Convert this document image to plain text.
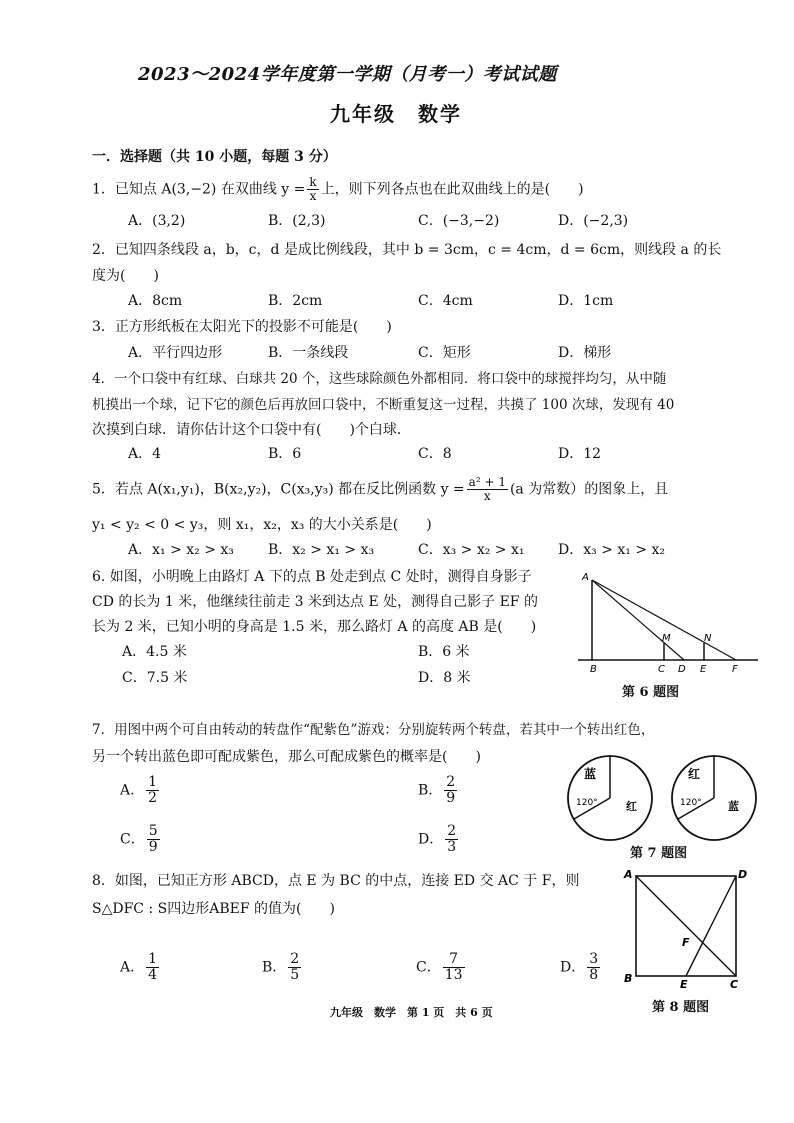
2023～2024学年度第一学期（月考一）考试试题
九年级　数学
一．选择题（共 10 小题，每题 3 分）
1．已知点 A(3,−2) 在双曲线 $y = \frac{k}{x}$ 上，则下列各点也在此双曲线上的是(　　)
A．(3,2)	B．(2,3)	C．(−3,−2)	D．(−2,3)
2．已知四条线段 a，b，c，d 是成比例线段，其中 b = 3cm，c = 4cm，d = 6cm，则线段 a 的长
度为(　　)
A．8cm	B．2cm	C．4cm	D．1cm
3．正方形纸板在太阳光下的投影不可能是(　　)
A．平行四边形	B．一条线段	C．矩形	D．梯形
4．一个口袋中有红球、白球共 20 个，这些球除颜色外都相同．将口袋中的球搅拌均匀，从中随
机摸出一个球，记下它的颜色后再放回口袋中，不断重复这一过程，共摸了 100 次球，发现有 40
次摸到白球．请你估计这个口袋中有(　　)个白球．
A．4	B．6	C．8	D．12
5．若点 A(x₁,y₁)，B(x₂,y₂)，C(x₃,y₃) 都在反比例函数 $y = \frac{\text{a² + 1}}{x} (a$ 为常数）的图象上，且
y₁ < y₂ < 0 < y₃，则 x₁，x₂，x₃ 的大小关系是(　　)
A．x₁ > x₂ > x₃ B．x₂ > x₁ > x₃	C．x₃ > x₂ > x₁ D．x₃ > x₁ > x₂
6. 如图，小明晚上由路灯 A 下的点 B 处走到点 C 处时，测得自身影子
CD 的长为 1 米，他继续往前走 3 米到达点 E 处，测得自己影子 EF 的
长为 2 米，已知小明的身高是 1.5 米，那么路灯 A 的高度 AB 是(　　)
A．4.5 米	B．6 米
C．7.5 米	D．8 米
A
B	C D E	F
M	N
第 6 题图
7．用图中两个可自由转动的转盘作“配紫色”游戏：分别旋转两个转盘，若其中一个转出红色，
另一个转出蓝色即可配成紫色，那么可配成紫色的概率是(　　)
A． $\frac{1}{2}$	B． $\frac{2}{9}$
C． $\frac{5}{9}$	D． $\frac{2}{3}$
蓝
红
120°
红
蓝
120°
第 7 题图
8．如图，已知正方形 ABCD，点 E 为 BC 的中点，连接 ED 交 AC 于 F，则
S△DFC : S四边形ABEF 的值为(　　)
A． $\frac{1}{4}$	B． $\frac{2}{5}$	C． $\frac{7}{13}$	D． $\frac{3}{8}$
A	D
B	C
E
F
第 8 题图
九年级　数学　第 1 页　共 6 页
